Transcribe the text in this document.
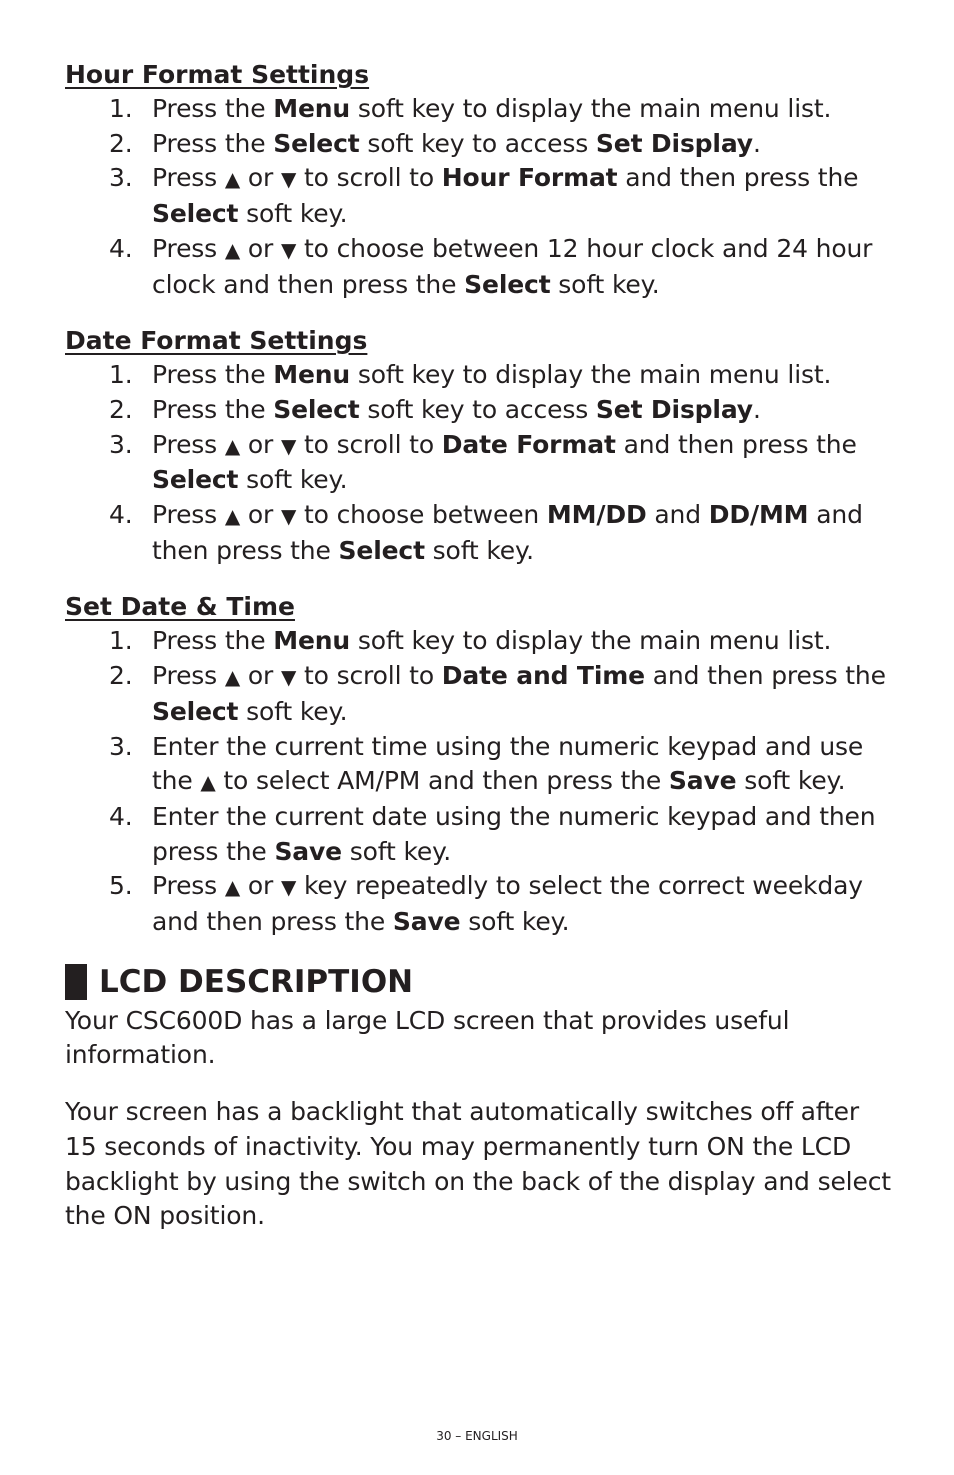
Hour Format Settings
1. Press the Menu soft key to display the main menu list.
2. Press the Select soft key to access Set Display.
3. Press ▲ or ▼ to scroll to Hour Format and then press the Select soft key.
4. Press ▲ or ▼ to choose between 12 hour clock and 24 hour clock and then press the Select soft key.
Date Format Settings
1. Press the Menu soft key to display the main menu list.
2. Press the Select soft key to access Set Display.
3. Press ▲ or ▼ to scroll to Date Format and then press the Select soft key.
4. Press ▲ or ▼ to choose between MM/DD and DD/MM and then press the Select soft key.
Set Date & Time
1. Press the Menu soft key to display the main menu list.
2. Press ▲ or ▼ to scroll to Date and Time and then press the Select soft key.
3. Enter the current time using the numeric keypad and use the ▲ to select AM/PM and then press the Save soft key.
4. Enter the current date using the numeric keypad and then press the Save soft key.
5. Press ▲ or ▼ key repeatedly to select the correct weekday and then press the Save soft key.
LCD DESCRIPTION

Your CSC600D has a large LCD screen that provides useful information.

Your screen has a backlight that automatically switches off after 15 seconds of inactivity. You may permanently turn ON the LCD backlight by using the switch on the back of the display and select the ON position.

30 – ENGLISH
